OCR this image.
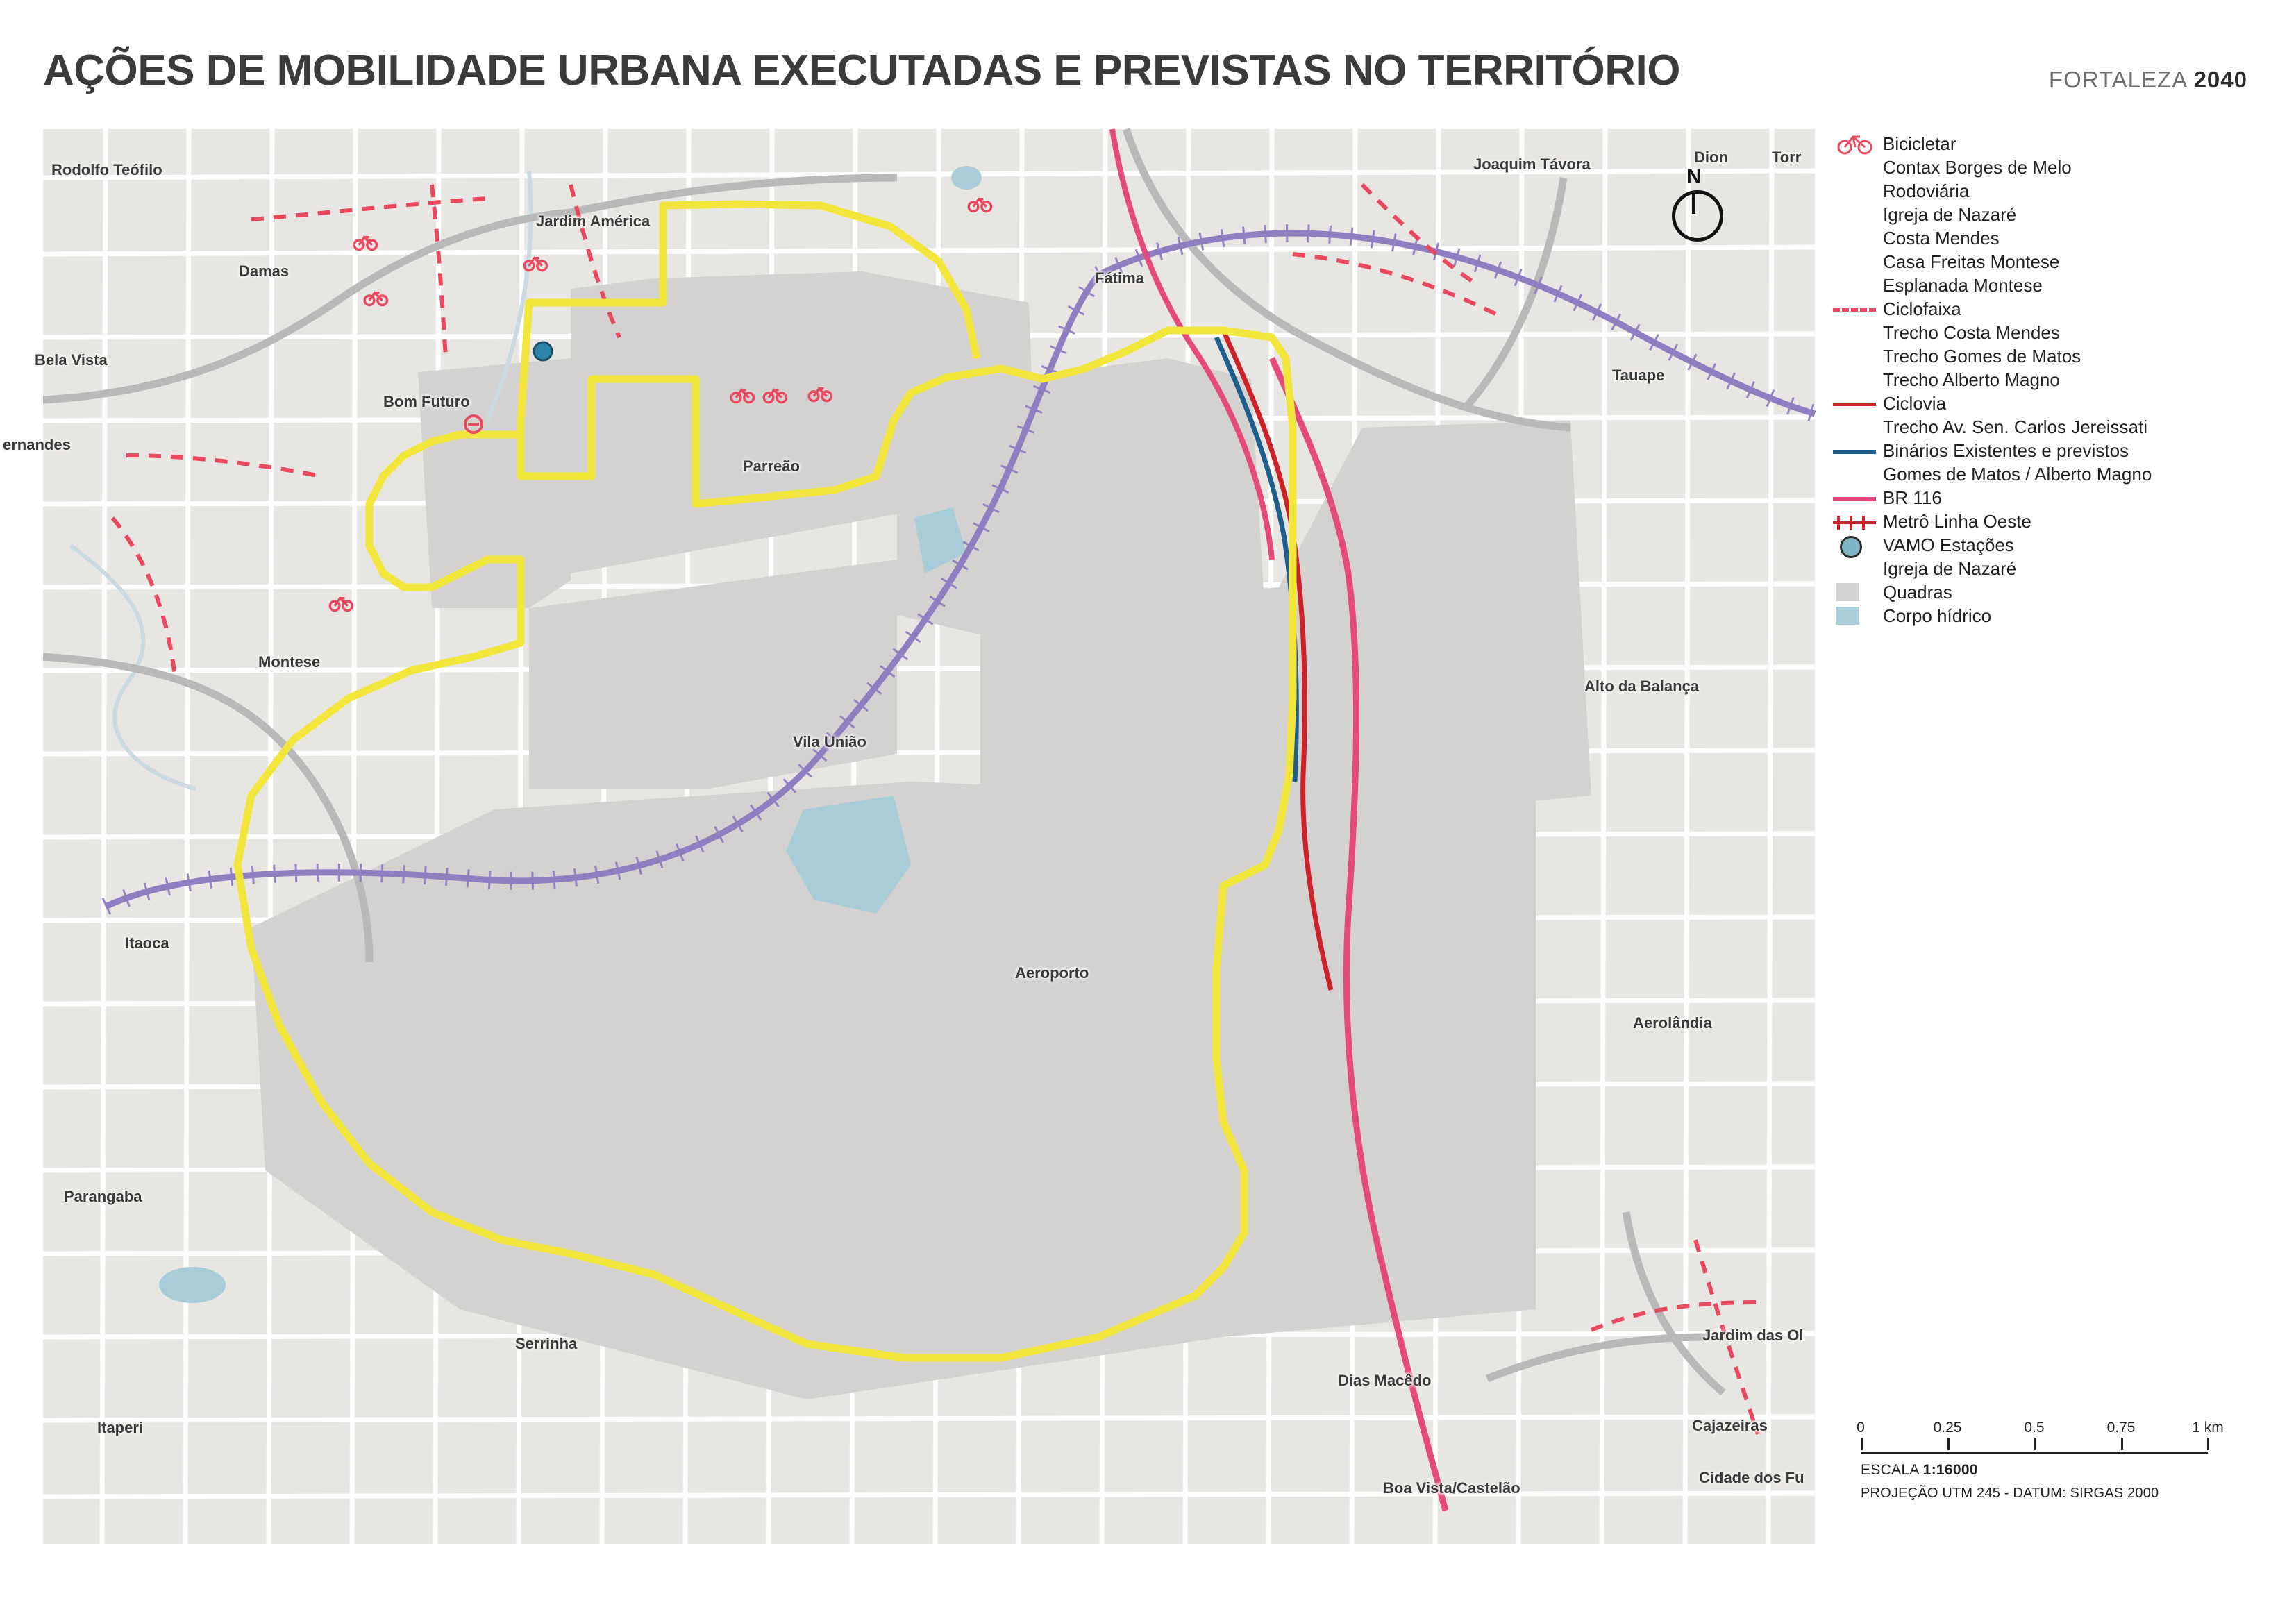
AÇÕES DE MOBILIDADE URBANA EXECUTADAS E PREVISTAS NO TERRITÓRIO	FORTALEZA 2040
Rodolfo Teófilo
Damas
Jardim América
Bela Vista
Bom Futuro
Fátima
Joaquim Távora	Dion	Torr
Tauape
ernandes
Parreão
Montese
Vila União
Alto da Balança
Itaoca
Aeroporto
Aerolândia
Parangaba
Serrinha
Itaperi
Dias Macêdo
Jardim das Ol
Cajazeiras
Cidade dos Fu
Boa Vista/Castelão
N
Bicicletar
Contax Borges de Melo
Rodoviária
Igreja de Nazaré
Costa Mendes
Casa Freitas Montese
Esplanada Montese
Ciclofaixa
Trecho Costa Mendes
Trecho Gomes de Matos
Trecho Alberto Magno
Ciclovia
Trecho Av. Sen. Carlos Jereissati
Binários Existentes e previstos
Gomes de Matos / Alberto Magno
BR 116
Metrô Linha Oeste
VAMO Estações
Igreja de Nazaré
Quadras
Corpo hídrico
0	0.25	0.5	0.75	1 km
ESCALA 1:16000
PROJEÇÃO UTM 245 - DATUM: SIRGAS 2000
